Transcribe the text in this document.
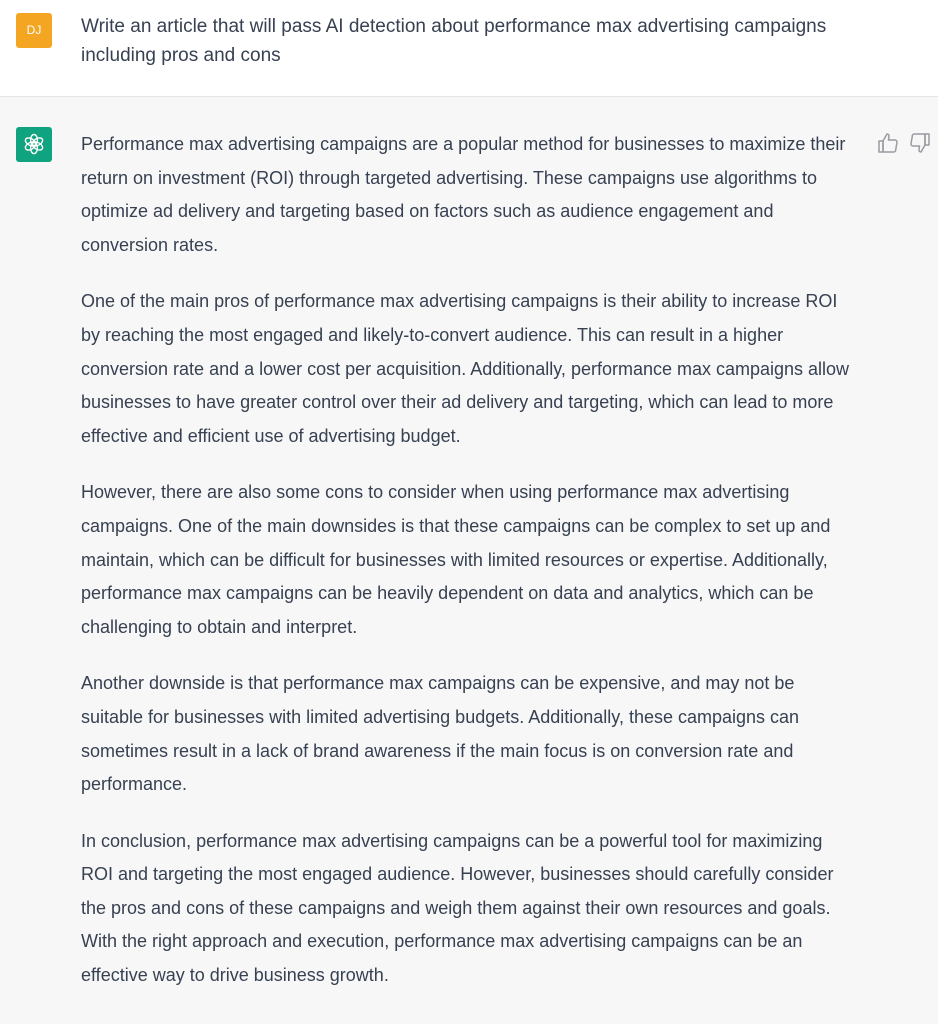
DJ	Write an article that will pass AI detection about performance max advertising campaigns including pros and cons

Performance max advertising campaigns are a popular method for businesses to maximize their return on investment (ROI) through targeted advertising. These campaigns use algorithms to optimize ad delivery and targeting based on factors such as audience engagement and conversion rates.

One of the main pros of performance max advertising campaigns is their ability to increase ROI by reaching the most engaged and likely-to-convert audience. This can result in a higher conversion rate and a lower cost per acquisition. Additionally, performance max campaigns allow businesses to have greater control over their ad delivery and targeting, which can lead to more effective and efficient use of advertising budget.

However, there are also some cons to consider when using performance max advertising campaigns. One of the main downsides is that these campaigns can be complex to set up and maintain, which can be difficult for businesses with limited resources or expertise. Additionally, performance max campaigns can be heavily dependent on data and analytics, which can be challenging to obtain and interpret.

Another downside is that performance max campaigns can be expensive, and may not be suitable for businesses with limited advertising budgets. Additionally, these campaigns can sometimes result in a lack of brand awareness if the main focus is on conversion rate and performance.

In conclusion, performance max advertising campaigns can be a powerful tool for maximizing ROI and targeting the most engaged audience. However, businesses should carefully consider the pros and cons of these campaigns and weigh them against their own resources and goals. With the right approach and execution, performance max advertising campaigns can be an effective way to drive business growth.
